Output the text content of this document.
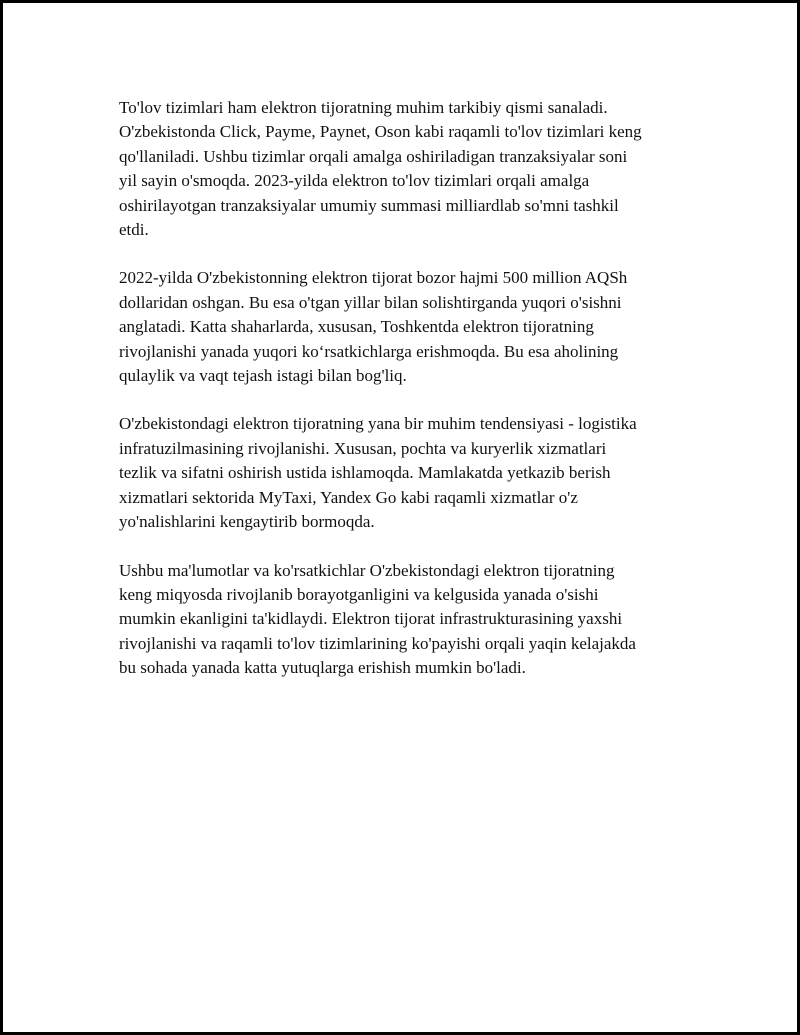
To'lov tizimlari ham elektron tijoratning muhim tarkibiy qismi sanaladi.
O'zbekistonda Click, Payme, Paynet, Oson kabi raqamli to'lov tizimlari keng
qo'llaniladi. Ushbu tizimlar orqali amalga oshiriladigan tranzaksiyalar soni
yil sayin o'smoqda. 2023-yilda elektron to'lov tizimlari orqali amalga
oshirilayotgan tranzaksiyalar umumiy summasi milliardlab so'mni tashkil
etdi.

2022-yilda O'zbekistonning elektron tijorat bozor hajmi 500 million AQSh
dollaridan oshgan. Bu esa o'tgan yillar bilan solishtirganda yuqori o'sishni
anglatadi. Katta shaharlarda, xususan, Toshkentda elektron tijoratning
rivojlanishi yanada yuqori ko‘rsatkichlarga erishmoqda. Bu esa aholining
qulaylik va vaqt tejash istagi bilan bog'liq.

O'zbekistondagi elektron tijoratning yana bir muhim tendensiyasi - logistika
infratuzilmasining rivojlanishi. Xususan, pochta va kuryerlik xizmatlari
tezlik va sifatni oshirish ustida ishlamoqda. Mamlakatda yetkazib berish
xizmatlari sektorida MyTaxi, Yandex Go kabi raqamli xizmatlar o'z
yo'nalishlarini kengaytirib bormoqda.

Ushbu ma'lumotlar va ko'rsatkichlar O'zbekistondagi elektron tijoratning
keng miqyosda rivojlanib borayotganligini va kelgusida yanada o'sishi
mumkin ekanligini ta'kidlaydi. Elektron tijorat infrastrukturasining yaxshi
rivojlanishi va raqamli to'lov tizimlarining ko'payishi orqali yaqin kelajakda
bu sohada yanada katta yutuqlarga erishish mumkin bo'ladi.
